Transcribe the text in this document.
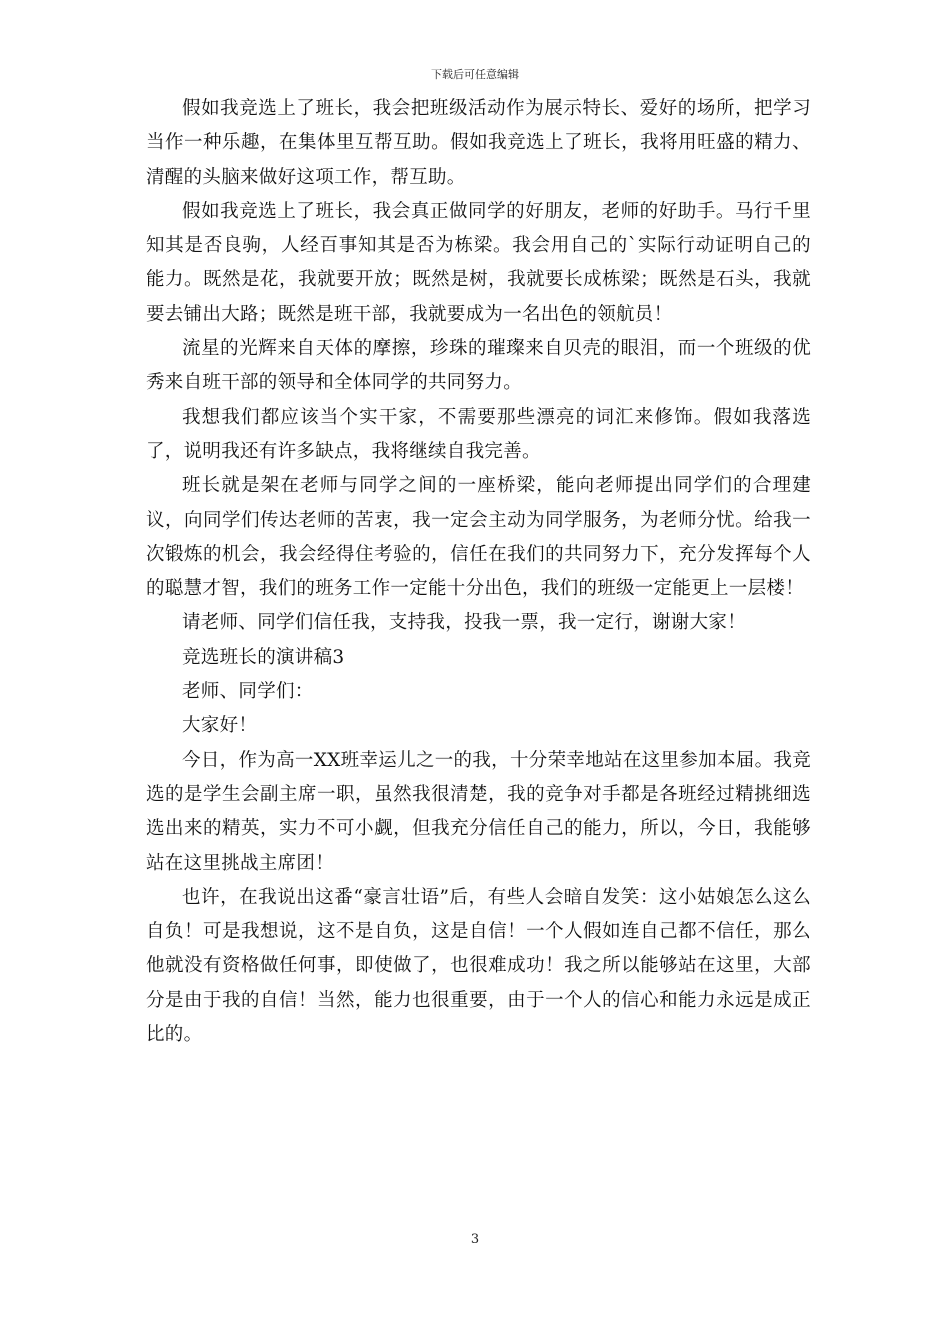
下载后可任意编辑

假如我竞选上了班长，我会把班级活动作为展示特长、爱好的场所，把学习当作一种乐趣，在集体里互帮互助。假如我竞选上了班长，我将用旺盛的精力、清醒的头脑来做好这项工作，帮互助。

假如我竞选上了班长，我会真正做同学的好朋友，老师的好助手。马行千里知其是否良驹，人经百事知其是否为栋梁。我会用自己的`实际行动证明自己的能力。既然是花，我就要开放；既然是树，我就要长成栋梁；既然是石头，我就要去铺出大路；既然是班干部，我就要成为一名出色的领航员！

流星的光辉来自天体的摩擦，珍珠的璀璨来自贝壳的眼泪，而一个班级的优秀来自班干部的领导和全体同学的共同努力。

我想我们都应该当个实干家，不需要那些漂亮的词汇来修饰。假如我落选了，说明我还有许多缺点，我将继续自我完善。

班长就是架在老师与同学之间的一座桥梁，能向老师提出同学们的合理建议，向同学们传达老师的苦衷，我一定会主动为同学服务，为老师分忧。给我一次锻炼的机会，我会经得住考验的，信任在我们的共同努力下，充分发挥每个人的聪慧才智，我们的班务工作一定能十分出色，我们的班级一定能更上一层楼！

请老师、同学们信任我，支持我，投我一票，我一定行，谢谢大家！

竞选班长的演讲稿3

老师、同学们：

大家好！

今日，作为高一XX班幸运儿之一的我，十分荣幸地站在这里参加本届。我竞选的是学生会副主席一职，虽然我很清楚，我的竞争对手都是各班经过精挑细选选出来的精英，实力不可小觑，但我充分信任自己的能力，所以，今日，我能够站在这里挑战主席团！

也许，在我说出这番“豪言壮语”后，有些人会暗自发笑：这小姑娘怎么这么自负！可是我想说，这不是自负，这是自信！一个人假如连自己都不信任，那么他就没有资格做任何事，即使做了，也很难成功！我之所以能够站在这里，大部分是由于我的自信！当然，能力也很重要，由于一个人的信心和能力永远是成正比的。

3
